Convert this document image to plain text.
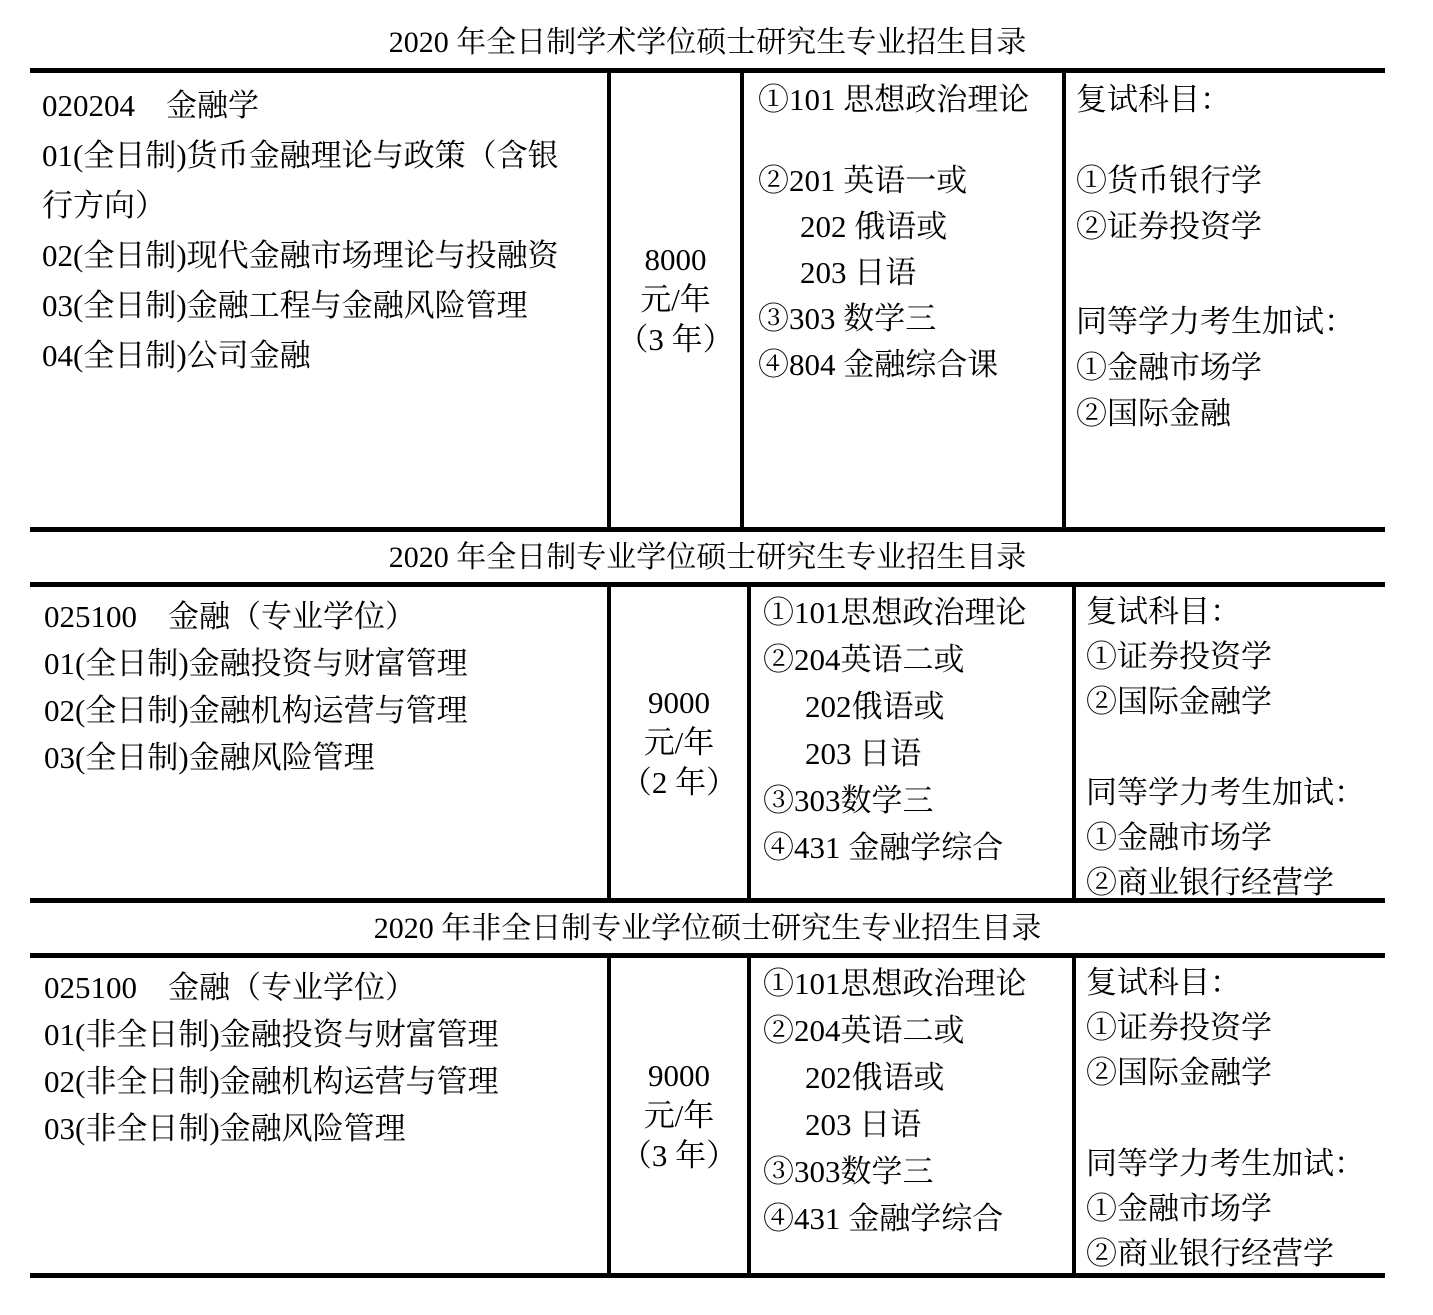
2020 年全日制学术学位硕士研究生专业招生目录
020204　金融学
01(全日制)货币金融理论与政策（含银行方向）
02(全日制)现代金融市场理论与投融资
03(全日制)金融工程与金融风险管理
04(全日制)公司金融
8000
元/年
（3 年）
①101 思想政治理论
②201 英语一或
202 俄语或
203 日语
③303 数学三
④804 金融综合课
复试科目：
①货币银行学
②证券投资学
同等学力考生加试：
①金融市场学
②国际金融
2020 年全日制专业学位硕士研究生专业招生目录
025100　金融（专业学位）
01(全日制)金融投资与财富管理
02(全日制)金融机构运营与管理
03(全日制)金融风险管理
9000
元/年
（2 年）
①101思想政治理论
②204英语二或
202俄语或
203 日语
③303数学三
④431 金融学综合
复试科目：
①证券投资学
②国际金融学
同等学力考生加试：
①金融市场学
②商业银行经营学
2020 年非全日制专业学位硕士研究生专业招生目录
025100　金融（专业学位）
01(非全日制)金融投资与财富管理
02(非全日制)金融机构运营与管理
03(非全日制)金融风险管理
9000
元/年
（3 年）
①101思想政治理论
②204英语二或
202俄语或
203 日语
③303数学三
④431 金融学综合
复试科目：
①证券投资学
②国际金融学
同等学力考生加试：
①金融市场学
②商业银行经营学
